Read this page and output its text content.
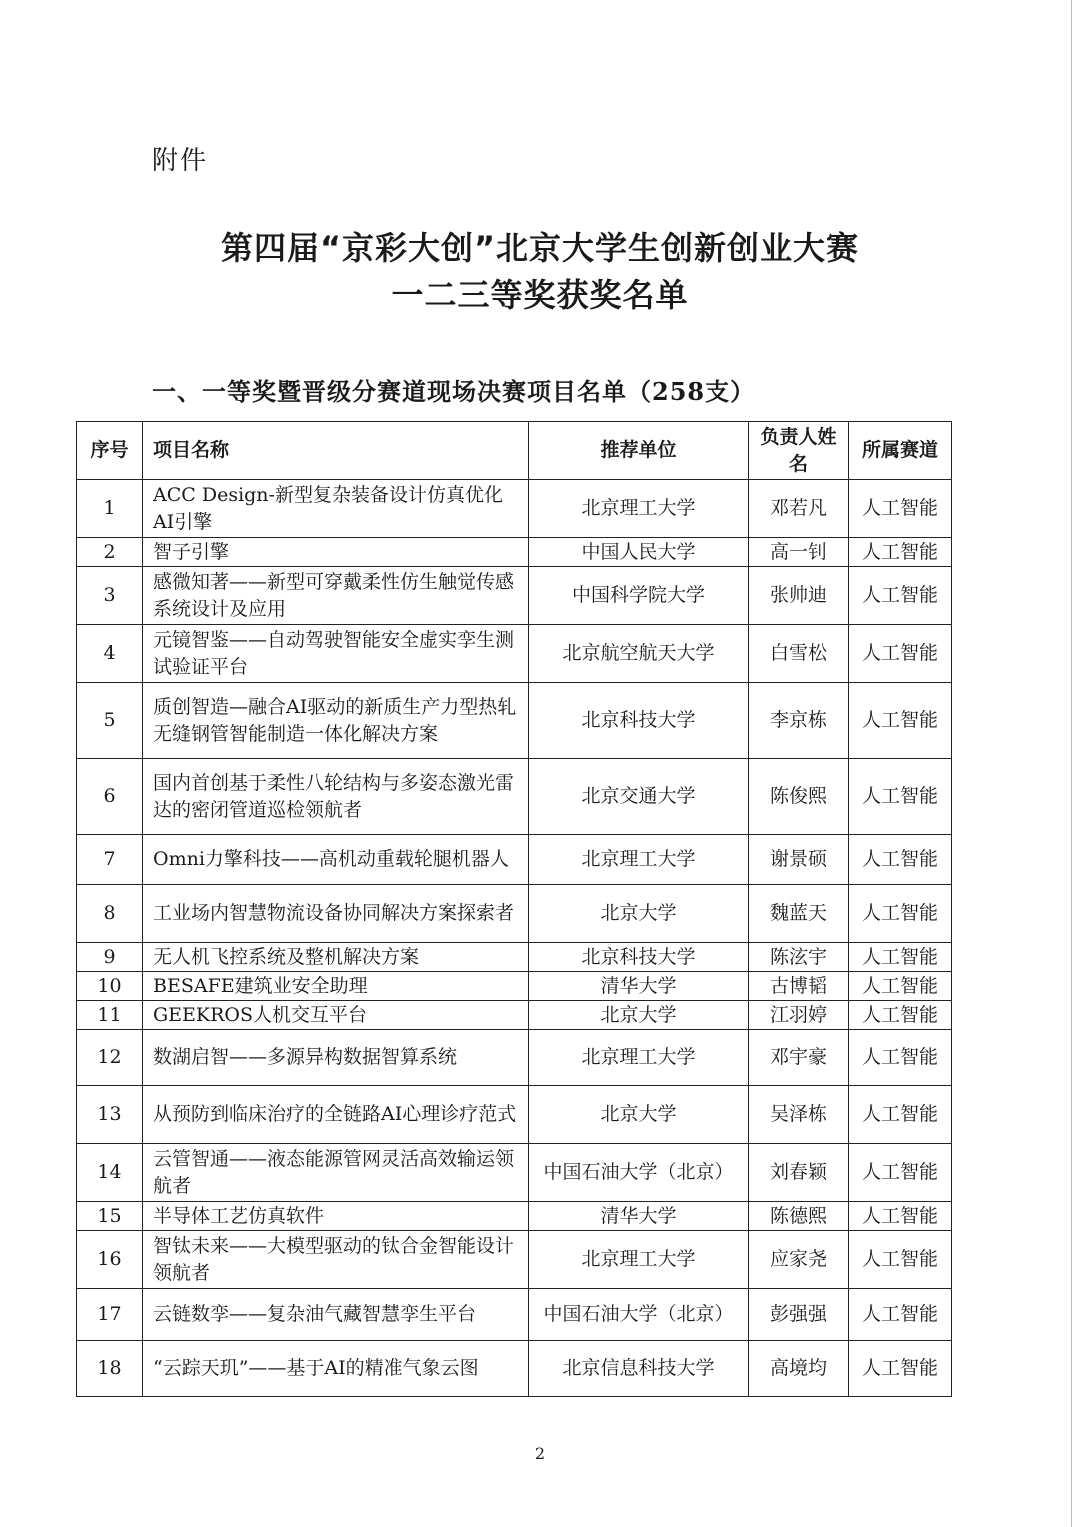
附件
第四届“京彩大创”北京大学生创新创业大赛
一二三等奖获奖名单
一、一等奖暨晋级分赛道现场决赛项目名单（258支）
序号	项目名称	推荐单位	负责人姓名	所属赛道
1	ACC Design-新型复杂装备设计仿真优化AI引擎	北京理工大学	邓若凡	人工智能
2	智子引擎	中国人民大学	高一钊	人工智能
3	感微知著——新型可穿戴柔性仿生触觉传感系统设计及应用	中国科学院大学	张帅迪	人工智能
4	元镜智鉴——自动驾驶智能安全虚实孪生测试验证平台	北京航空航天大学	白雪松	人工智能
5	质创智造—融合AI驱动的新质生产力型热轧无缝钢管智能制造一体化解决方案	北京科技大学	李京栋	人工智能
6	国内首创基于柔性八轮结构与多姿态激光雷达的密闭管道巡检领航者	北京交通大学	陈俊熙	人工智能
7	Omni力擎科技——高机动重载轮腿机器人	北京理工大学	谢景硕	人工智能
8	工业场内智慧物流设备协同解决方案探索者	北京大学	魏蓝天	人工智能
9	无人机飞控系统及整机解决方案	北京科技大学	陈泫宇	人工智能
10	BESAFE建筑业安全助理	清华大学	古博韬	人工智能
11	GEEKROS人机交互平台	北京大学	江羽婷	人工智能
12	数湖启智——多源异构数据智算系统	北京理工大学	邓宇豪	人工智能
13	从预防到临床治疗的全链路AI心理诊疗范式	北京大学	吴泽栋	人工智能
14	云管智通——液态能源管网灵活高效输运领航者	中国石油大学（北京）	刘春颖	人工智能
15	半导体工艺仿真软件	清华大学	陈德熙	人工智能
16	智钛未来——大模型驱动的钛合金智能设计领航者	北京理工大学	应家尧	人工智能
17	云链数孪——复杂油气藏智慧孪生平台	中国石油大学（北京）	彭强强	人工智能
18	“云踪天玑”——基于AI的精准气象云图	北京信息科技大学	高境均	人工智能
2
